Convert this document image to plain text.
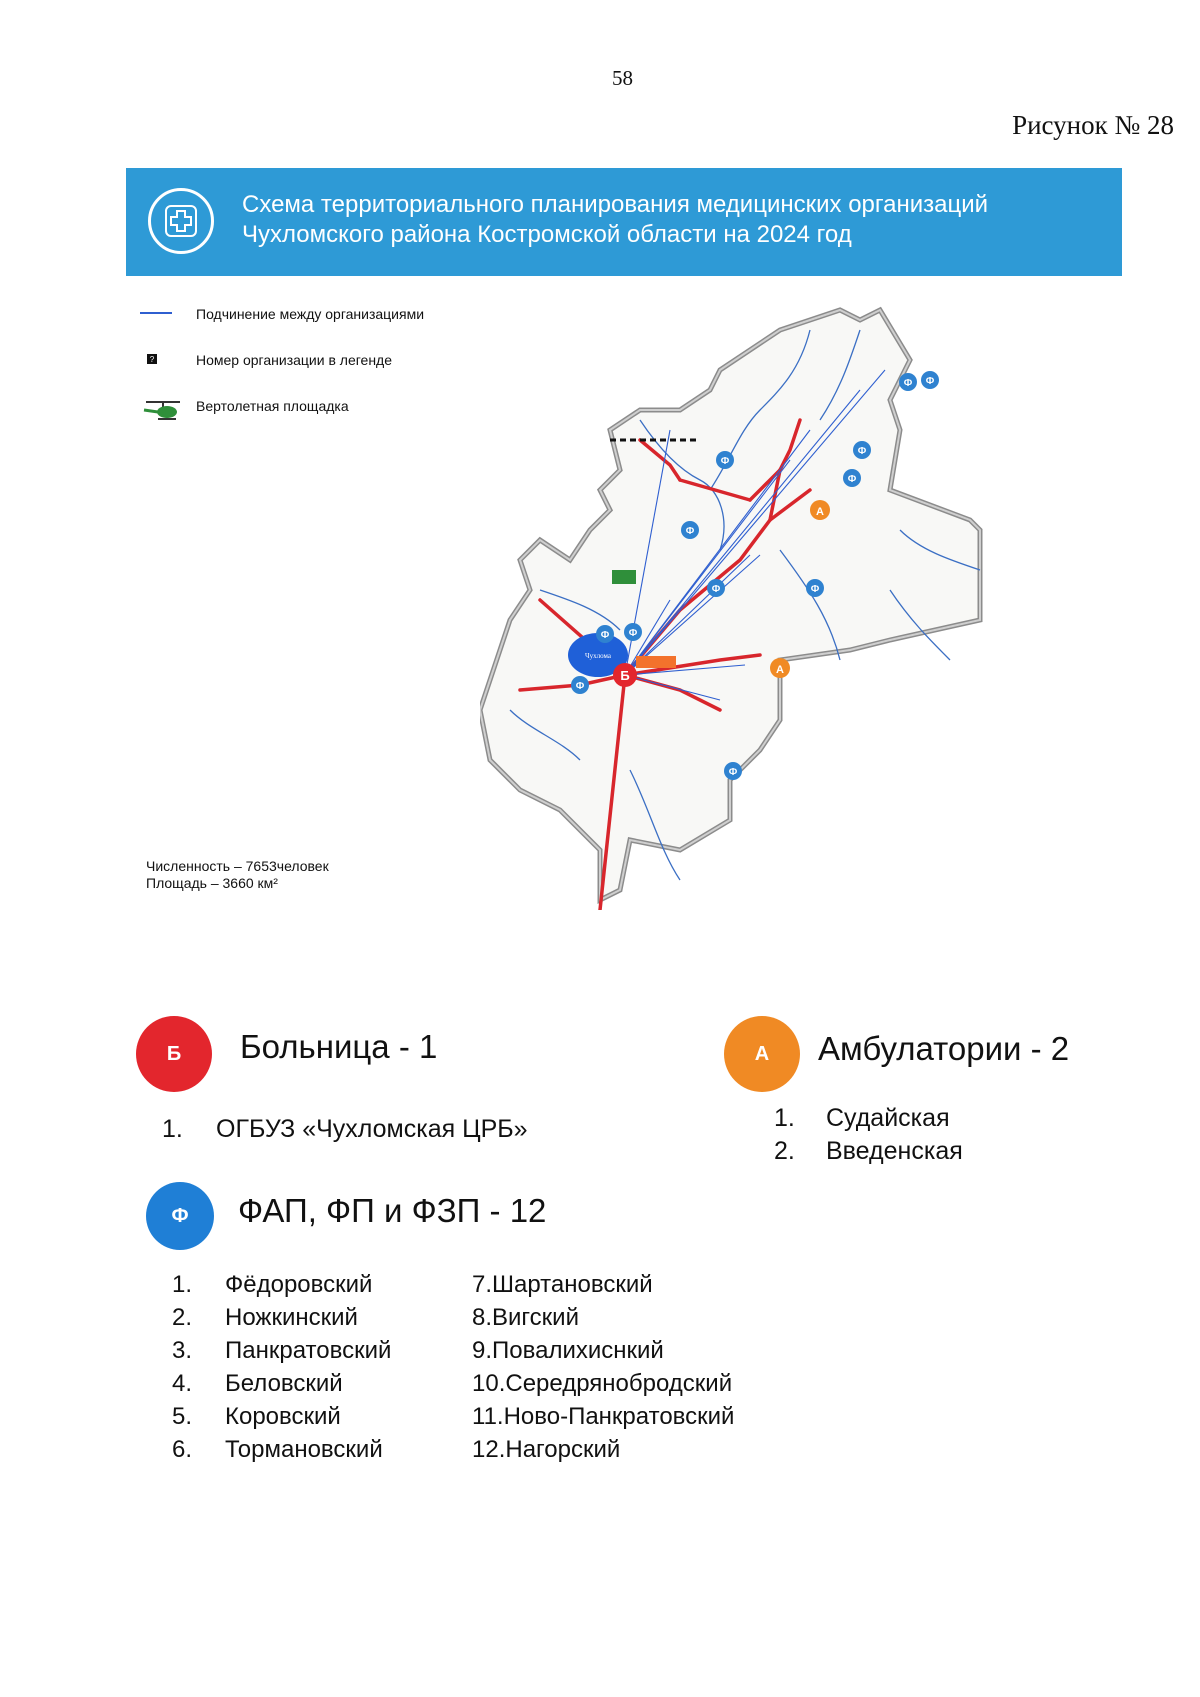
58
Рисунок № 28
Схема территориального планирования медицинских организаций
Чухломского района Костромской области на 2024 год
Подчинение между организациями
?	Номер организации в легенде
Вертолетная площадка
Численность – 7653человек
Площадь – 3660 км²
Чухлома
Б
А
А
Ф Ф
Ф
Ф
Ф
Ф
Ф
Ф
Ф	Ф
Ф
Ф
Б	Больница - 1
1. ОГБУЗ «Чухломская ЦРБ»
А	Амбулатории - 2
1. Судайская
2. Введенская
Ф	ФАП, ФП и ФЗП - 12
1. Фёдоровский
2. Ножкинский
3. Панкратовский
4. Беловский
5. Коровский
6. Тормановский
7.Шартановский
8.Вигский
9.Повалихиснкий
10.Середрянобродский
11.Ново-Панкратовский
12.Нагорский
